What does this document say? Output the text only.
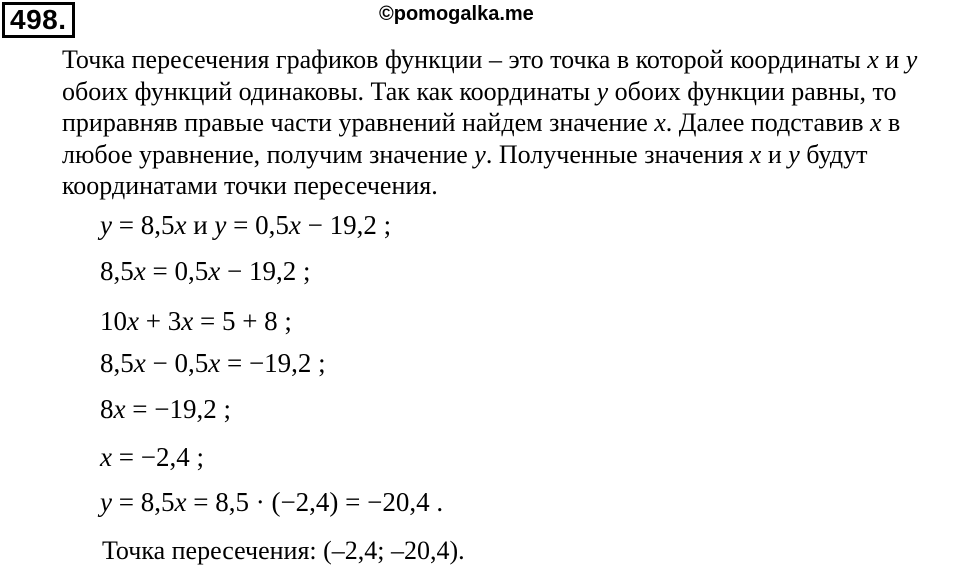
498.	©pomogalka.me
Точка пересечения графиков функции – это точка в которой координаты x и y
обоих функций одинаковы. Так как координаты y обоих функции равны, то
приравняв правые части уравнений найдем значение x. Далее подставив x в
любое уравнение, получим значение y. Полученные значения x и y будут
координатами точки пересечения.
y = 8,5x и y = 0,5x − 19,2 ;
8,5x = 0,5x − 19,2 ;
10x + 3x = 5 + 8 ;
8,5x − 0,5x = −19,2 ;
8x = −19,2 ;
x = −2,4 ;
y = 8,5x = 8,5 · (−2,4) = −20,4 .
Точка пересечения: (–2,4; –20,4).
